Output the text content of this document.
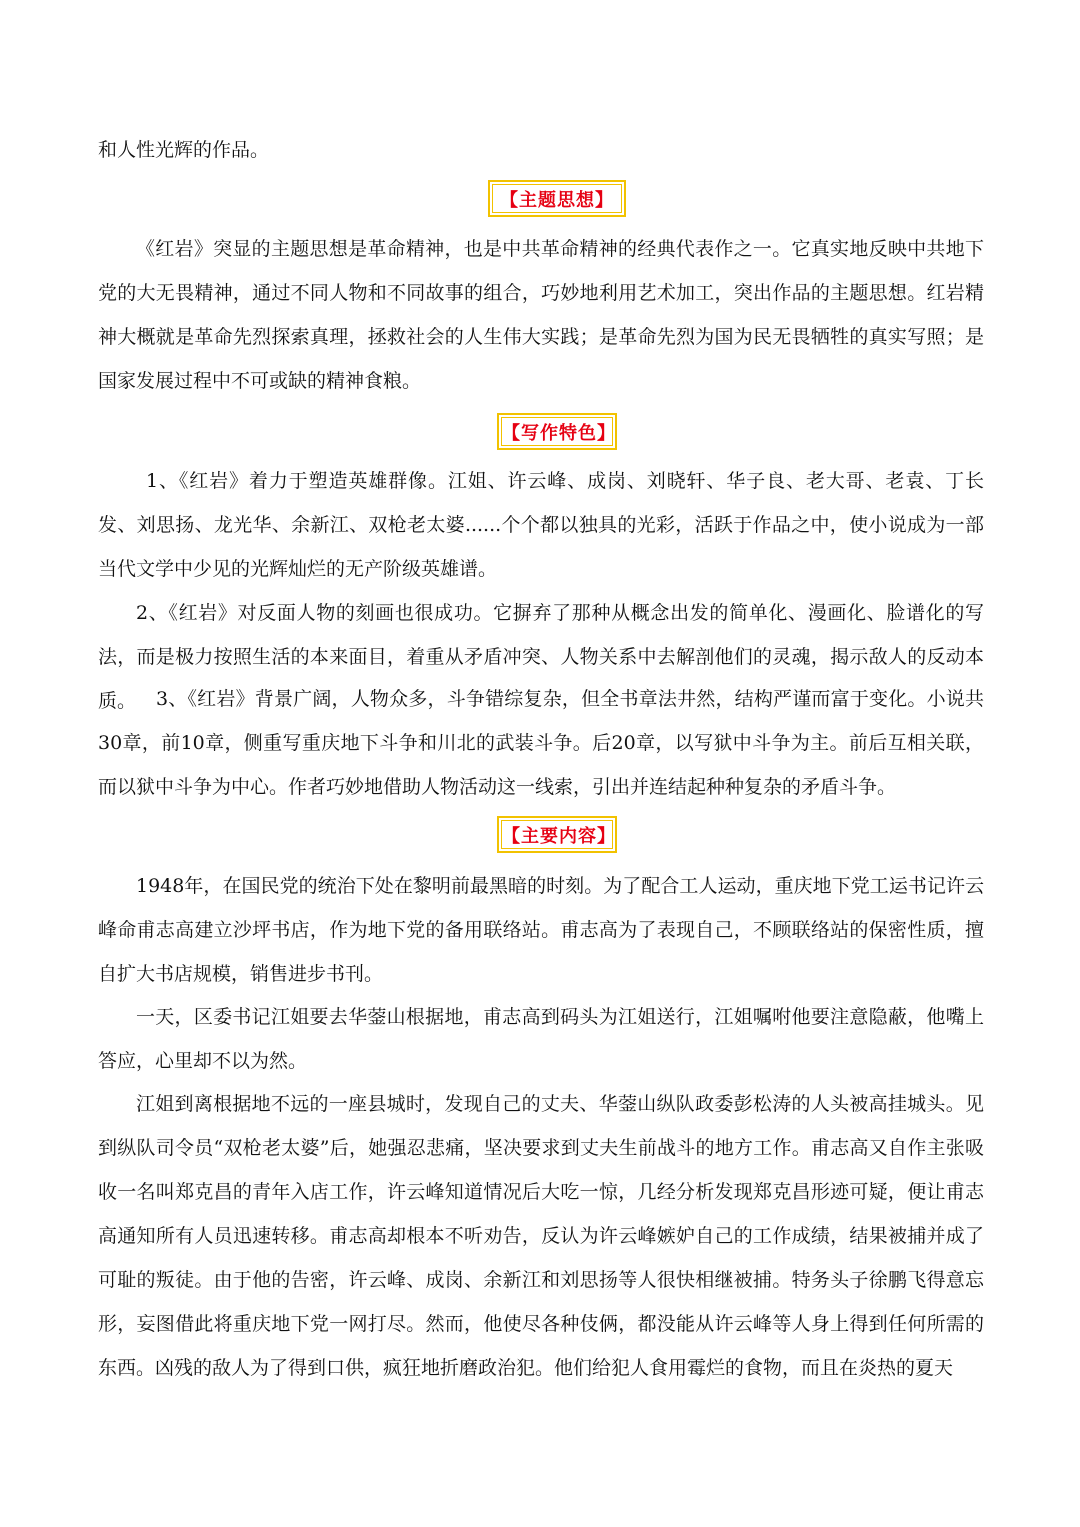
和人性光辉的作品。

【主题思想】

《红岩》突显的主题思想是革命精神，也是中共革命精神的经典代表作之一。它真实地反映中共地下党的大无畏精神，通过不同人物和不同故事的组合，巧妙地利用艺术加工，突出作品的主题思想。红岩精神大概就是革命先烈探索真理，拯救社会的人生伟大实践；是革命先烈为国为民无畏牺牲的真实写照；是国家发展过程中不可或缺的精神食粮。

【写作特色】

1、《红岩》着力于塑造英雄群像。江姐、许云峰、成岗、刘晓轩、华子良、老大哥、老袁、丁长发、刘思扬、龙光华、余新江、双枪老太婆......个个都以独具的光彩，活跃于作品之中，使小说成为一部当代文学中少见的光辉灿烂的无产阶级英雄谱。

2、《红岩》对反面人物的刻画也很成功。它摒弃了那种从概念出发的简单化、漫画化、脸谱化的写法，而是极力按照生活的本来面目，着重从矛盾冲突、人物关系中去解剖他们的灵魂，揭示敌人的反动本质。	3、《红岩》背景广阔，人物众多，斗争错综复杂，但全书章法井然，结构严谨而富于变化。小说共30章，前10章，侧重写重庆地下斗争和川北的武装斗争。后20章，以写狱中斗争为主。前后互相关联，而以狱中斗争为中心。作者巧妙地借助人物活动这一线索，引出并连结起种种复杂的矛盾斗争。

【主要内容】

1948年，在国民党的统治下处在黎明前最黑暗的时刻。为了配合工人运动，重庆地下党工运书记许云峰命甫志高建立沙坪书店，作为地下党的备用联络站。甫志高为了表现自己，不顾联络站的保密性质，擅自扩大书店规模，销售进步书刊。

一天，区委书记江姐要去华蓥山根据地，甫志高到码头为江姐送行，江姐嘱咐他要注意隐蔽，他嘴上答应，心里却不以为然。

江姐到离根据地不远的一座县城时，发现自己的丈夫、华蓥山纵队政委彭松涛的人头被高挂城头。见到纵队司令员“双枪老太婆”后，她强忍悲痛，坚决要求到丈夫生前战斗的地方工作。甫志高又自作主张吸收一名叫郑克昌的青年入店工作，许云峰知道情况后大吃一惊，几经分析发现郑克昌形迹可疑，便让甫志高通知所有人员迅速转移。甫志高却根本不听劝告，反认为许云峰嫉妒自己的工作成绩，结果被捕并成了可耻的叛徒。由于他的告密，许云峰、成岗、余新江和刘思扬等人很快相继被捕。特务头子徐鹏飞得意忘形，妄图借此将重庆地下党一网打尽。然而，他使尽各种伎俩，都没能从许云峰等人身上得到任何所需的东西。凶残的敌人为了得到口供，疯狂地折磨政治犯。他们给犯人食用霉烂的食物，而且在炎热的夏天
